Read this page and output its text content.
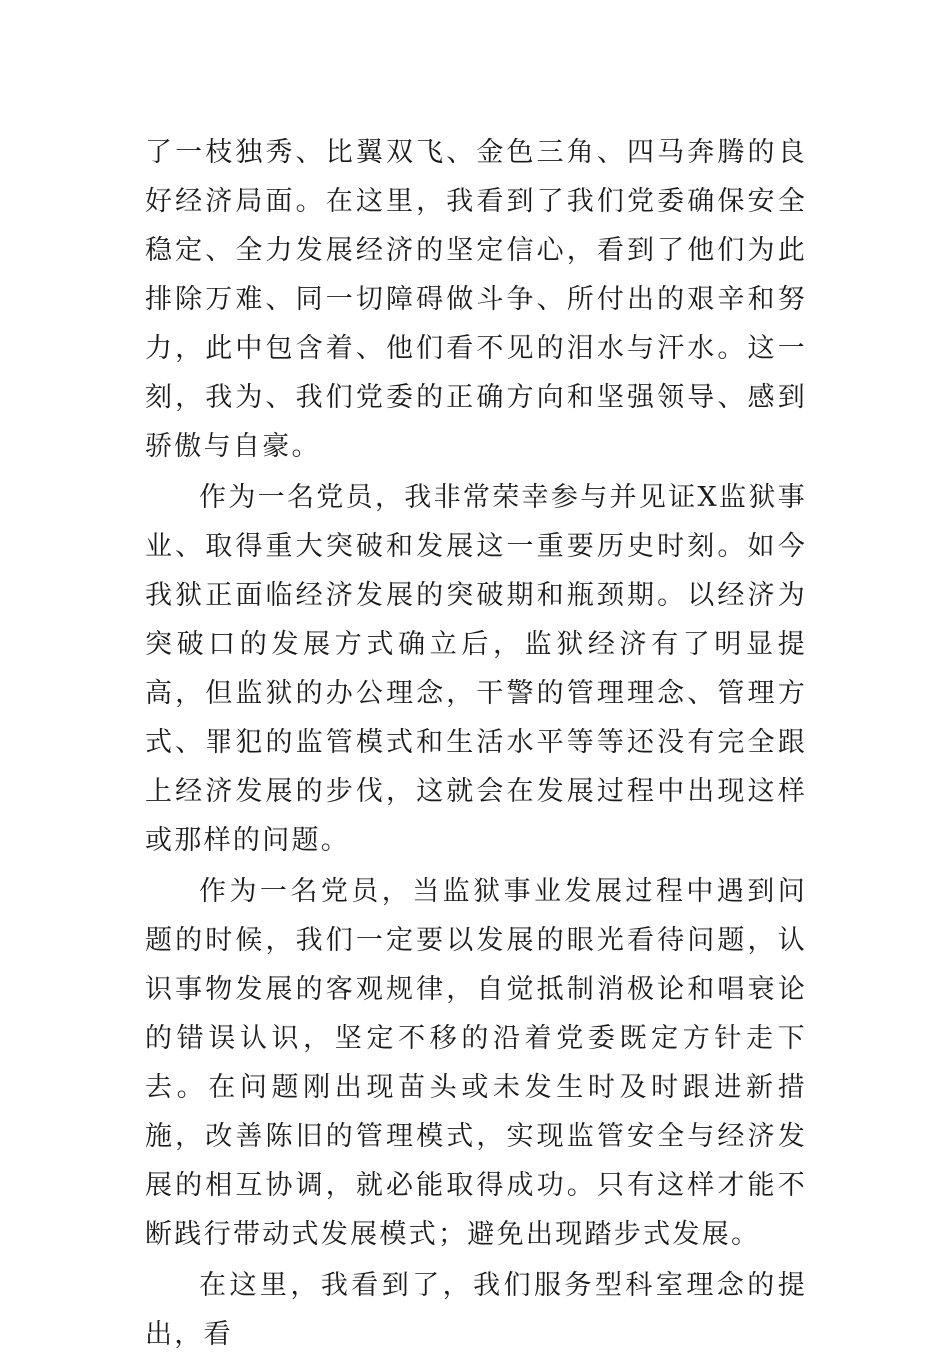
了一枝独秀、比翼双飞、金色三角、四马奔腾的良好经济局面。在这里，我看到了我们党委确保安全稳定、全力发展经济的坚定信心，看到了他们为此排除万难、同一切障碍做斗争、所付出的艰辛和努力，此中包含着、他们看不见的泪水与汗水。这一刻，我为、我们党委的正确方向和坚强领导、感到骄傲与自豪。

作为一名党员，我非常荣幸参与并见证X监狱事业、取得重大突破和发展这一重要历史时刻。如今我狱正面临经济发展的突破期和瓶颈期。以经济为突破口的发展方式确立后，监狱经济有了明显提高，但监狱的办公理念，干警的管理理念、管理方式、罪犯的监管模式和生活水平等等还没有完全跟上经济发展的步伐，这就会在发展过程中出现这样或那样的问题。

作为一名党员，当监狱事业发展过程中遇到问题的时候，我们一定要以发展的眼光看待问题，认识事物发展的客观规律，自觉抵制消极论和唱衰论的错误认识，坚定不移的沿着党委既定方针走下去。在问题刚出现苗头或未发生时及时跟进新措施，改善陈旧的管理模式，实现监管安全与经济发展的相互协调，就必能取得成功。只有这样才能不断践行带动式发展模式；避免出现踏步式发展。

在这里，我看到了，我们服务型科室理念的提出，看
